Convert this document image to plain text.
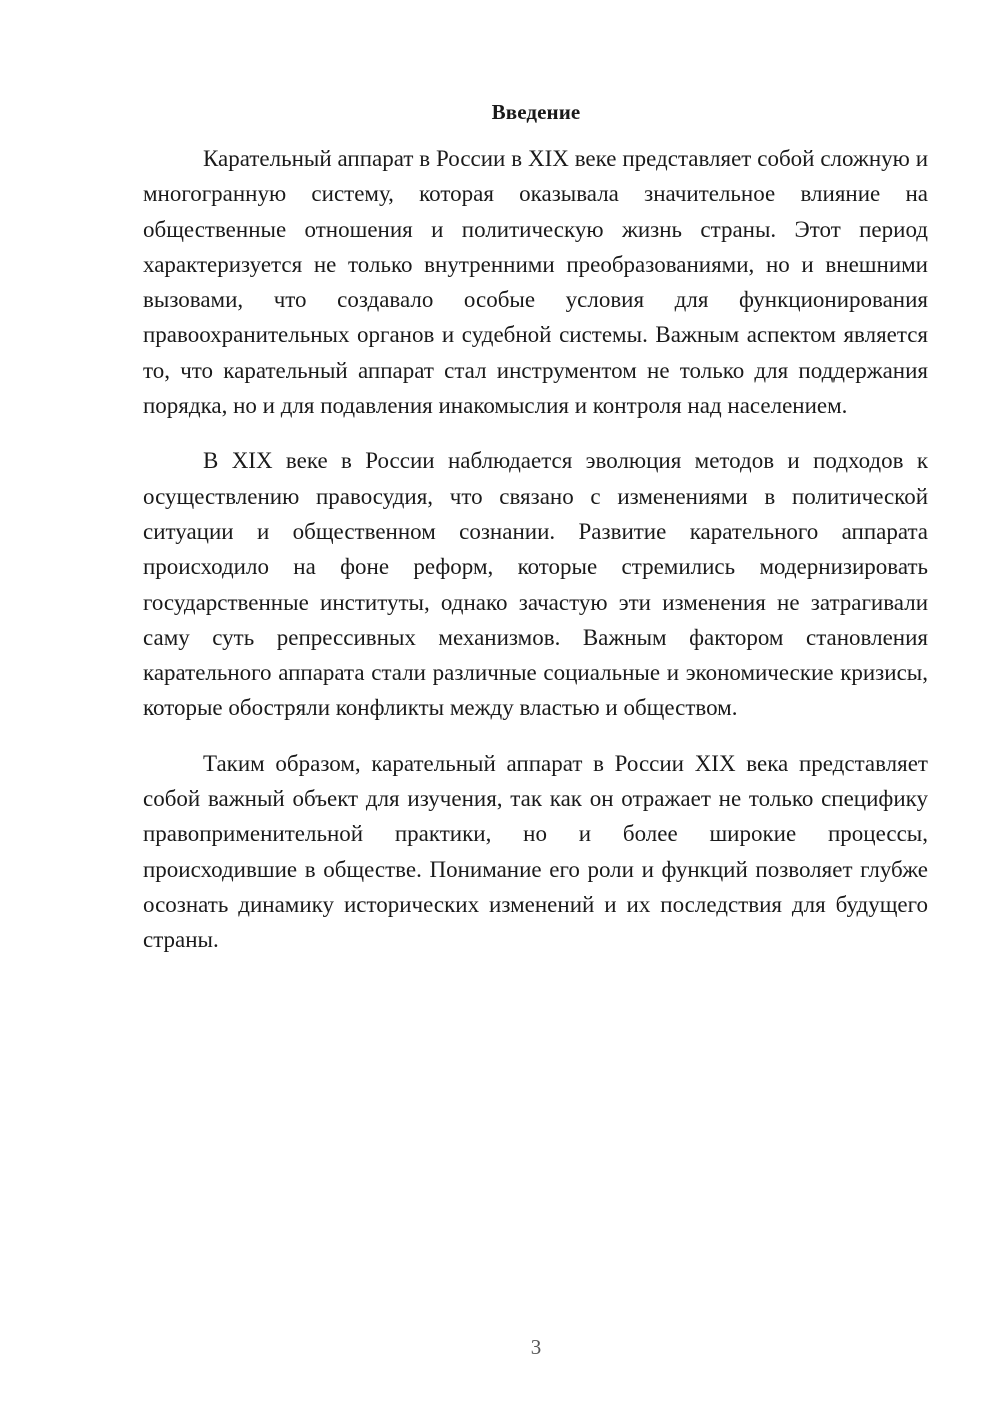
Введение

Карательный аппарат в России в XIX веке представляет собой сложную и многогранную систему, которая оказывала значительное влияние на общественные отношения и политическую жизнь страны. Этот период характеризуется не только внутренними преобразованиями, но и внешними вызовами, что создавало особые условия для функционирования правоохранительных органов и судебной системы. Важным аспектом является то, что карательный аппарат стал инструментом не только для поддержания порядка, но и для подавления инакомыслия и контроля над населением.

В XIX веке в России наблюдается эволюция методов и подходов к осуществлению правосудия, что связано с изменениями в политической ситуации и общественном сознании. Развитие карательного аппарата происходило на фоне реформ, которые стремились модернизировать государственные институты, однако зачастую эти изменения не затрагивали саму суть репрессивных механизмов. Важным фактором становления карательного аппарата стали различные социальные и экономические кризисы, которые обостряли конфликты между властью и обществом.

Таким образом, карательный аппарат в России XIX века представляет собой важный объект для изучения, так как он отражает не только специфику правоприменительной практики, но и более широкие процессы, происходившие в обществе. Понимание его роли и функций позволяет глубже осознать динамику исторических изменений и их последствия для будущего страны.

3
